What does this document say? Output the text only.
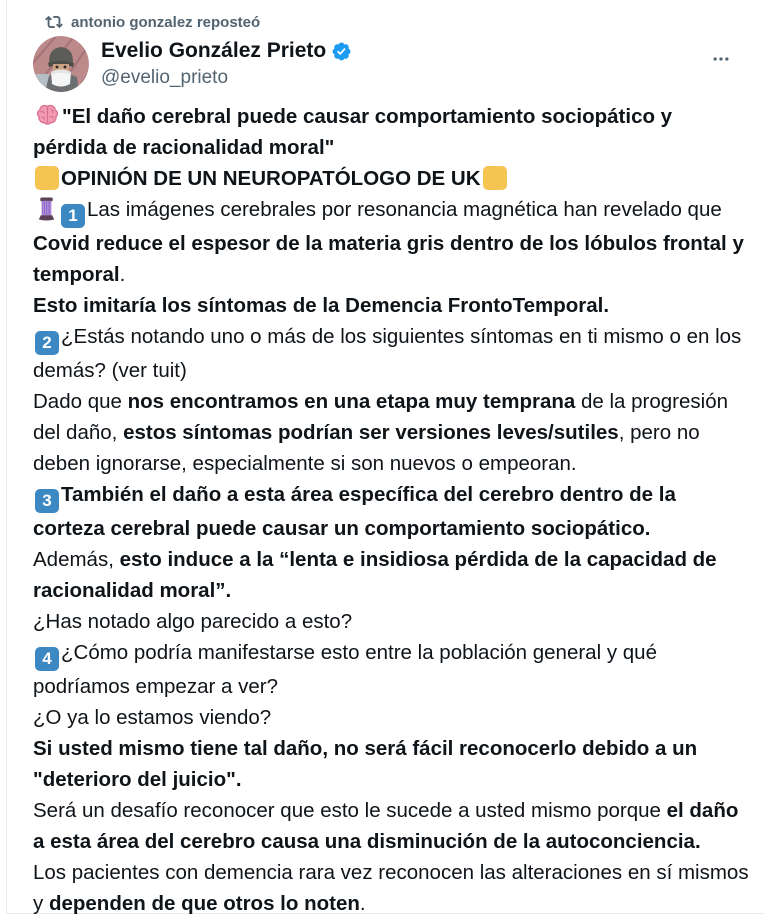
antonio gonzalez reposteó
Evelio González Prieto
@evelio_prieto
"El daño cerebral puede causar comportamiento sociopático y pérdida de racionalidad moral"
OPINIÓN DE UN NEUROPATÓLOGO DE UK
1 Las imágenes cerebrales por resonancia magnética han revelado que Covid reduce el espesor de la materia gris dentro de los lóbulos frontal y temporal.
Esto imitaría los síntomas de la Demencia FrontoTemporal.
2 ¿Estás notando uno o más de los siguientes síntomas en ti mismo o en los demás? (ver tuit)
Dado que nos encontramos en una etapa muy temprana de la progresión del daño, estos síntomas podrían ser versiones leves/sutiles, pero no deben ignorarse, especialmente si son nuevos o empeoran.
3 También el daño a esta área específica del cerebro dentro de la corteza cerebral puede causar un comportamiento sociopático.
Además, esto induce a la “lenta e insidiosa pérdida de la capacidad de racionalidad moral”.
¿Has notado algo parecido a esto?
4 ¿Cómo podría manifestarse esto entre la población general y qué podríamos empezar a ver?
¿O ya lo estamos viendo?
Si usted mismo tiene tal daño, no será fácil reconocerlo debido a un "deterioro del juicio".
Será un desafío reconocer que esto le sucede a usted mismo porque el daño a esta área del cerebro causa una disminución de la autoconciencia.
Los pacientes con demencia rara vez reconocen las alteraciones en sí mismos y dependen de que otros lo noten.
